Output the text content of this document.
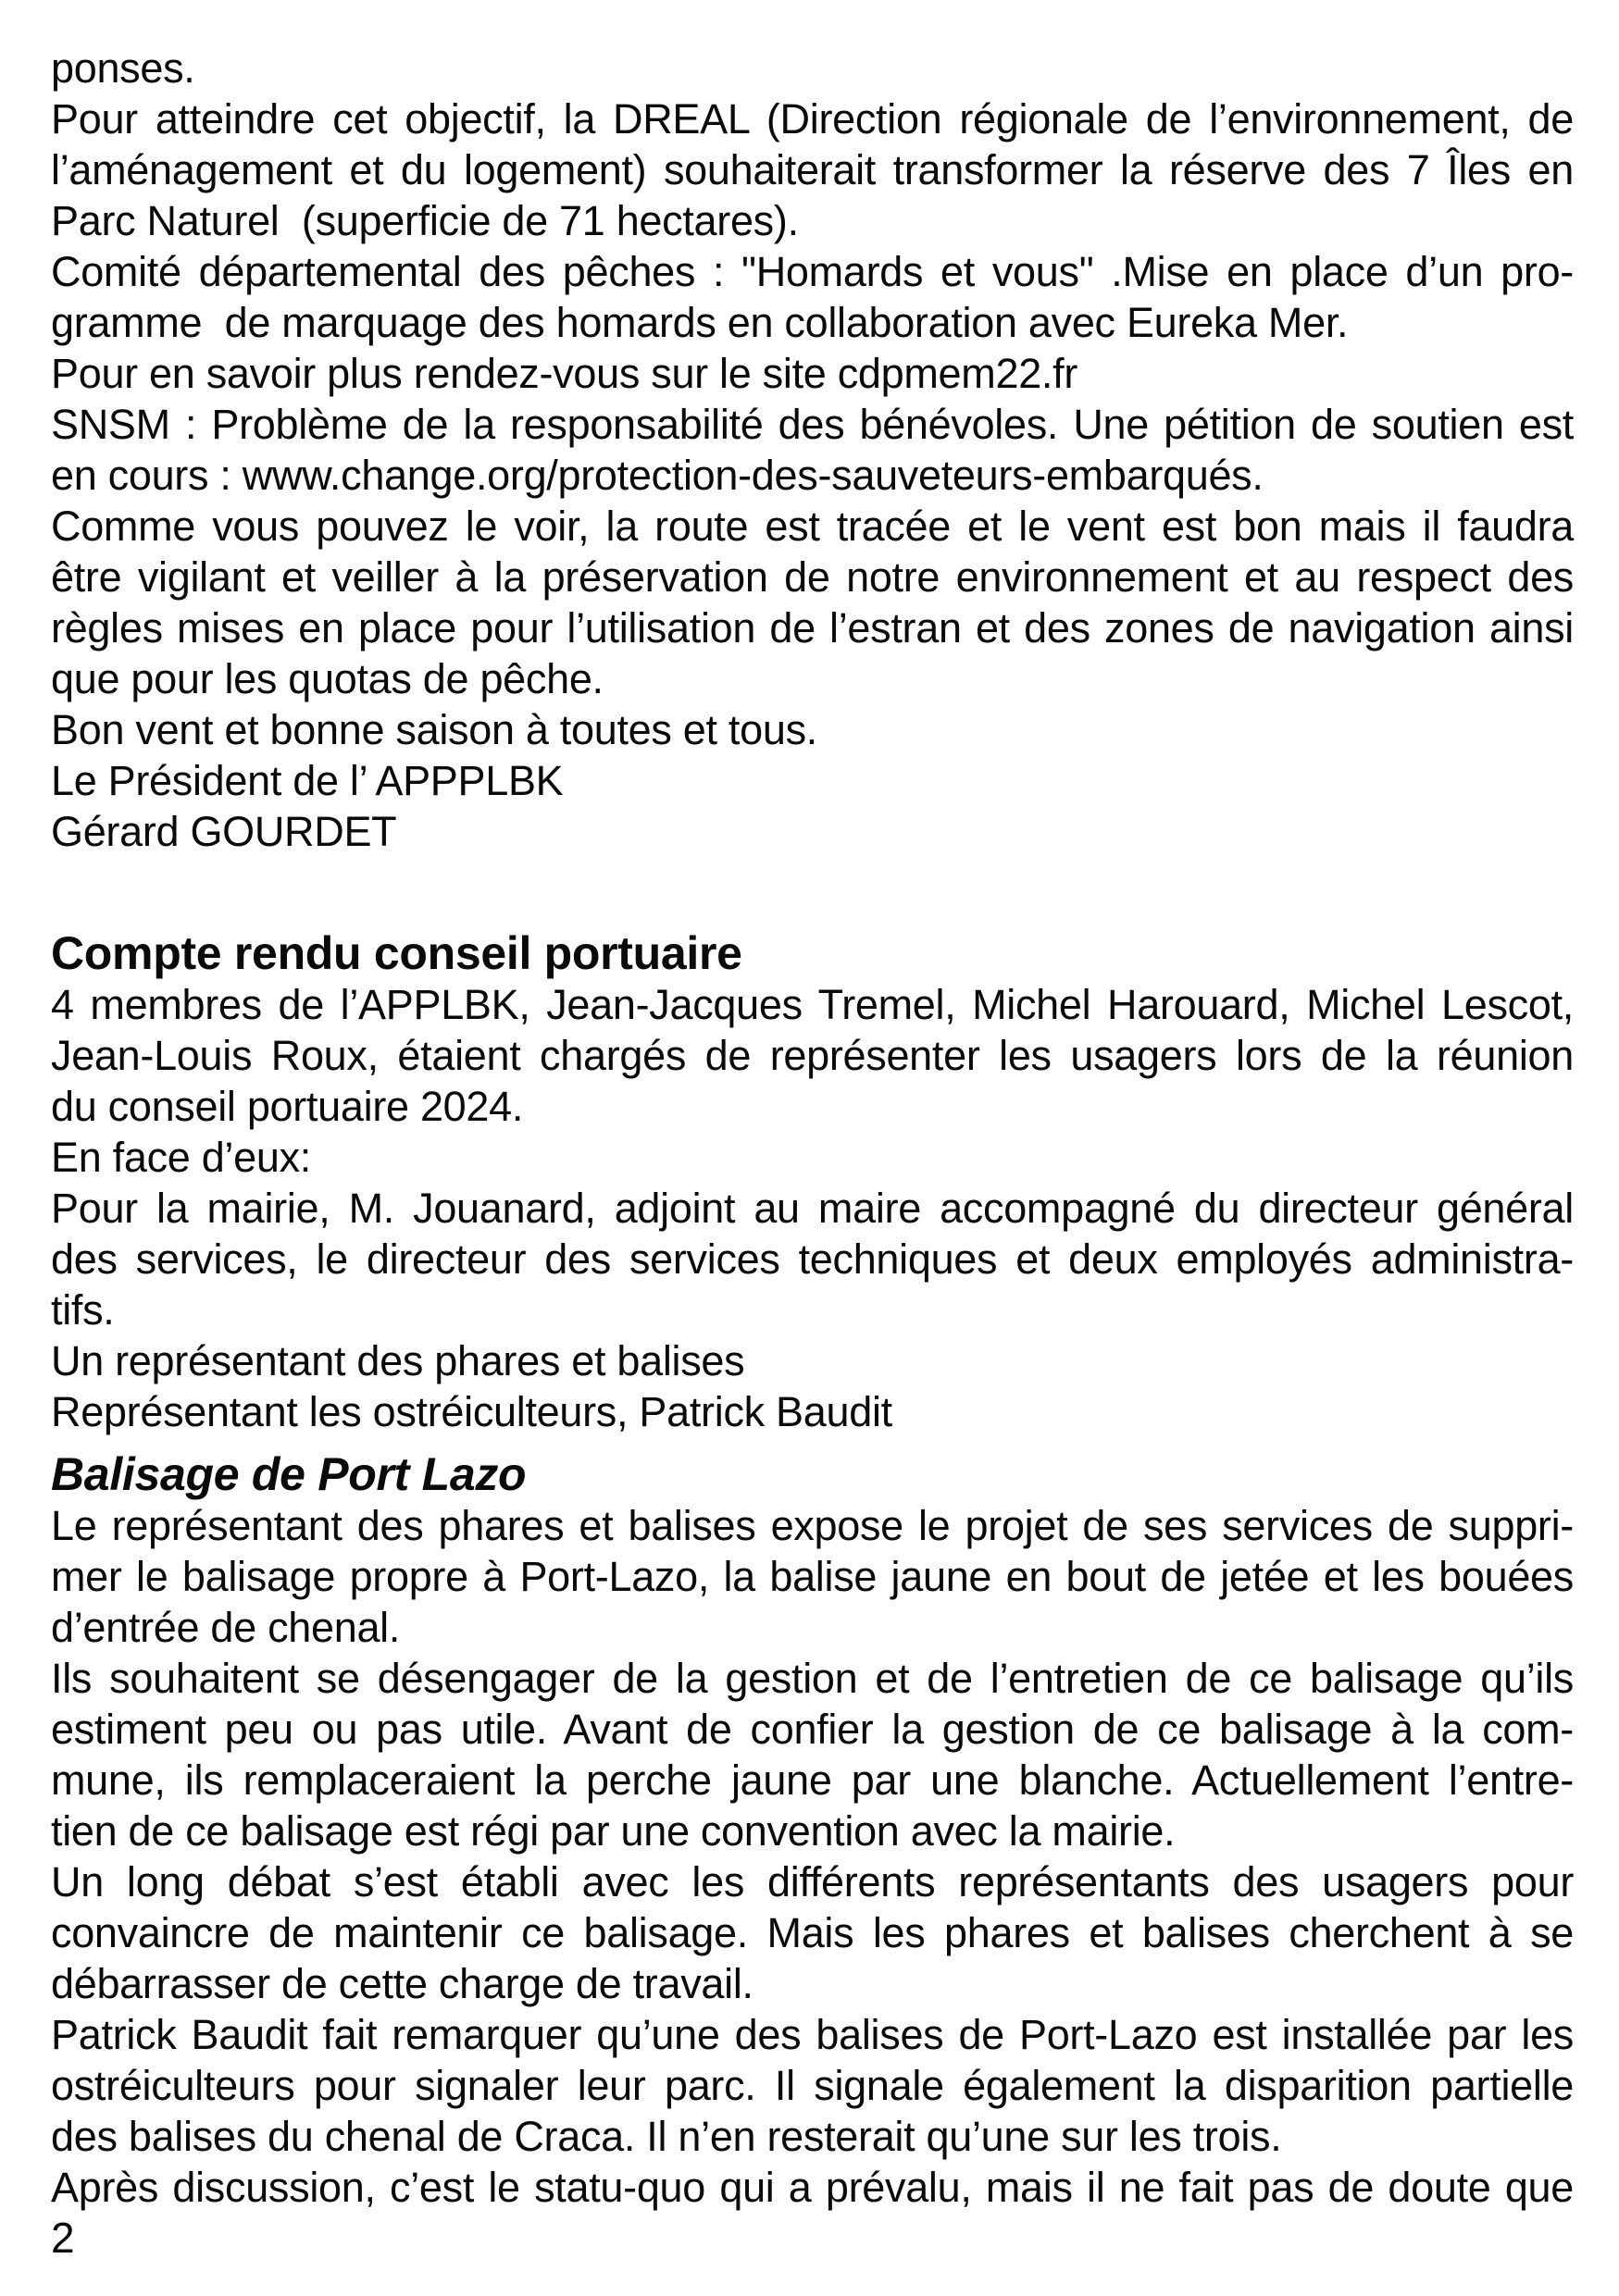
ponses.
Pour atteindre cet objectif, la DREAL (Direction régionale de l’environnement, de
l’aménagement et du logement) souhaiterait transformer la réserve des 7 Îles en
Parc Naturel  (superficie de 71 hectares).
Comité départemental des pêches : "Homards et vous" .Mise en place d’un pro-
gramme  de marquage des homards en collaboration avec Eureka Mer.
Pour en savoir plus rendez-vous sur le site cdpmem22.fr
SNSM : Problème de la responsabilité des bénévoles. Une pétition de soutien est
en cours : www.change.org/protection-des-sauveteurs-embarqués.
Comme vous pouvez le voir, la route est tracée et le vent est bon mais il faudra
être vigilant et veiller à la préservation de notre environnement et au respect des
règles mises en place pour l’utilisation de l’estran et des zones de navigation ainsi
que pour les quotas de pêche.
Bon vent et bonne saison à toutes et tous.
Le Président de l’ APPPLBK
Gérard GOURDET
Compte rendu conseil portuaire
4 membres de l’APPLBK, Jean-Jacques Tremel, Michel Harouard, Michel Lescot,
Jean-Louis Roux, étaient chargés de représenter les usagers lors de la réunion
du conseil portuaire 2024.
En face d’eux:
Pour la mairie, M. Jouanard, adjoint au maire accompagné du directeur général
des services, le directeur des services techniques et deux employés administra-
tifs.
Un représentant des phares et balises
Représentant les ostréiculteurs, Patrick Baudit
Balisage de Port Lazo
Le représentant des phares et balises expose le projet de ses services de suppri-
mer le balisage propre à Port-Lazo, la balise jaune en bout de jetée et les bouées
d’entrée de chenal.
Ils souhaitent se désengager de la gestion et de l’entretien de ce balisage qu’ils
estiment peu ou pas utile. Avant de confier la gestion de ce balisage à la com-
mune, ils remplaceraient la perche jaune par une blanche. Actuellement l’entre-
tien de ce balisage est régi par une convention avec la mairie.
Un long débat s’est établi avec les différents représentants des usagers pour
convaincre de maintenir ce balisage. Mais les phares et balises cherchent à se
débarrasser de cette charge de travail.
Patrick Baudit fait remarquer qu’une des balises de Port-Lazo est installée par les
ostréiculteurs pour signaler leur parc. Il signale également la disparition partielle
des balises du chenal de Craca. Il n’en resterait qu’une sur les trois.
Après discussion, c’est le statu-quo qui a prévalu, mais il ne fait pas de doute que
2
